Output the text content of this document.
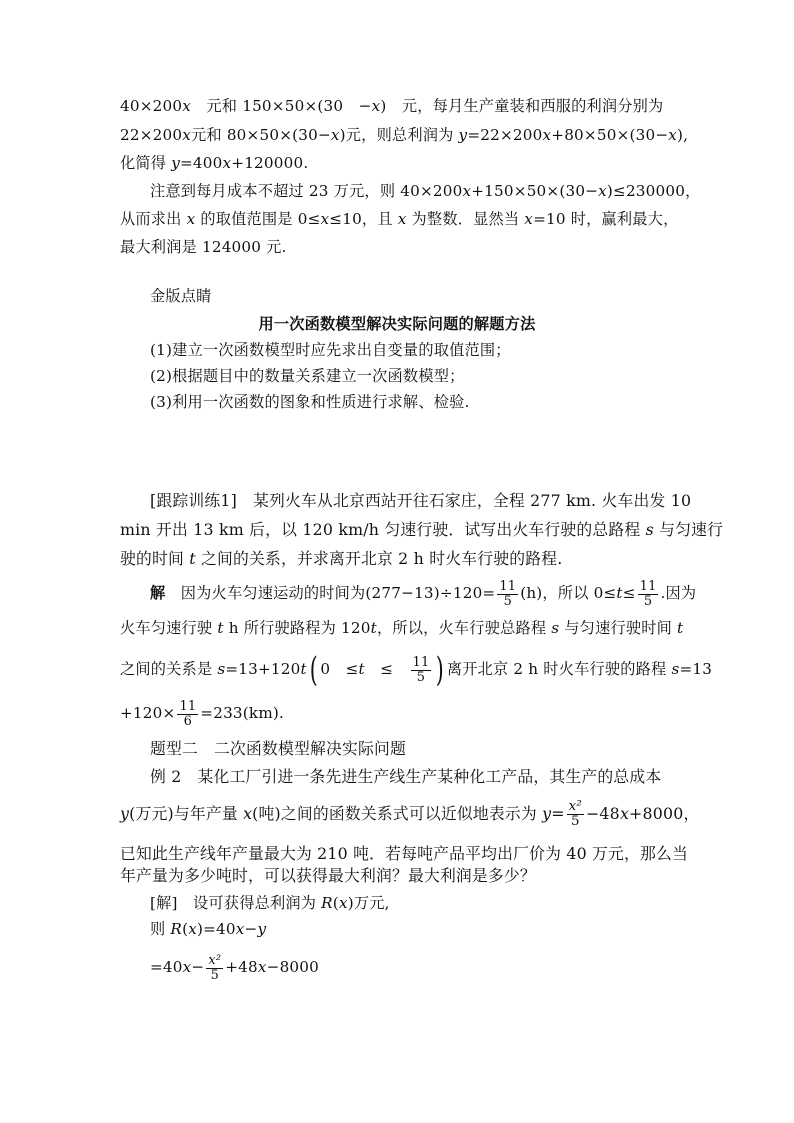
40×200x　 元和 150×50×(30　 −x)　元，每月生产童装和西服的利润分别为
22×200x元和 80×50×(30−x)元，则总利润为 y=22×200x+80×50×(30−x),
化简得 y=400x+120000.
注意到每月成本不超过 23 万元，则 40×200x+150×50×(30−x)≤230000，
从而求出 x 的取值范围是 0≤x≤10，且 x 为整数．显然当 x=10 时，赢利最大，
最大利润是 124000 元.
金版点睛
用一次函数模型解决实际问题的解题方法
(1)建立一次函数模型时应先求出自变量的取值范围；
(2)根据题目中的数量关系建立一次函数模型；
(3)利用一次函数的图象和性质进行求解、检验.
[跟踪训练1]　某列火车从北京西站开往石家庄，全程 277 km. 火车出发 10
min 开出 13 km 后，以 120 km/h 匀速行驶．试写出火车行驶的总路程 s 与匀速行
驶的时间 t 之间的关系，并求离开北京 2 h 时火车行驶的路程.
解　因为火车匀速运动的时间为$(277-13)\div 120= \frac{11}{5} (h)$，所以 $0\le t\le \frac{11}{5}$ .因为
火车匀速行驶 t h 所行驶路程为 120t，所以，火车行驶总路程 s 与匀速行驶时间 t
之间的关系是 s=13+120t( 0　≤t　≤　 $\frac{11}{5}$ ) 离开北京 2 h 时火车行驶的路程 s=13
$+120\times \frac{11}{6} =233(km)$.
题型二　二次函数模型解决实际问题
例 2　某化工厂引进一条先进生产线生产某种化工产品，其生产的总成本
y(万元)与年产量 x(吨)之间的函数关系式可以近似地表示为 $y= \frac{\text{x²}}{5} -48x+8000$，
已知此生产线年产量最大为 210 吨．若每吨产品平均出厂价为 40 万元，那么当
年产量为多少吨时，可以获得最大利润？最大利润是多少？
[解]　设可获得总利润为 R(x)万元,
则 R(x)=40x−y
$=40x- \frac{\text{x²}}{5} +48x-8000$
